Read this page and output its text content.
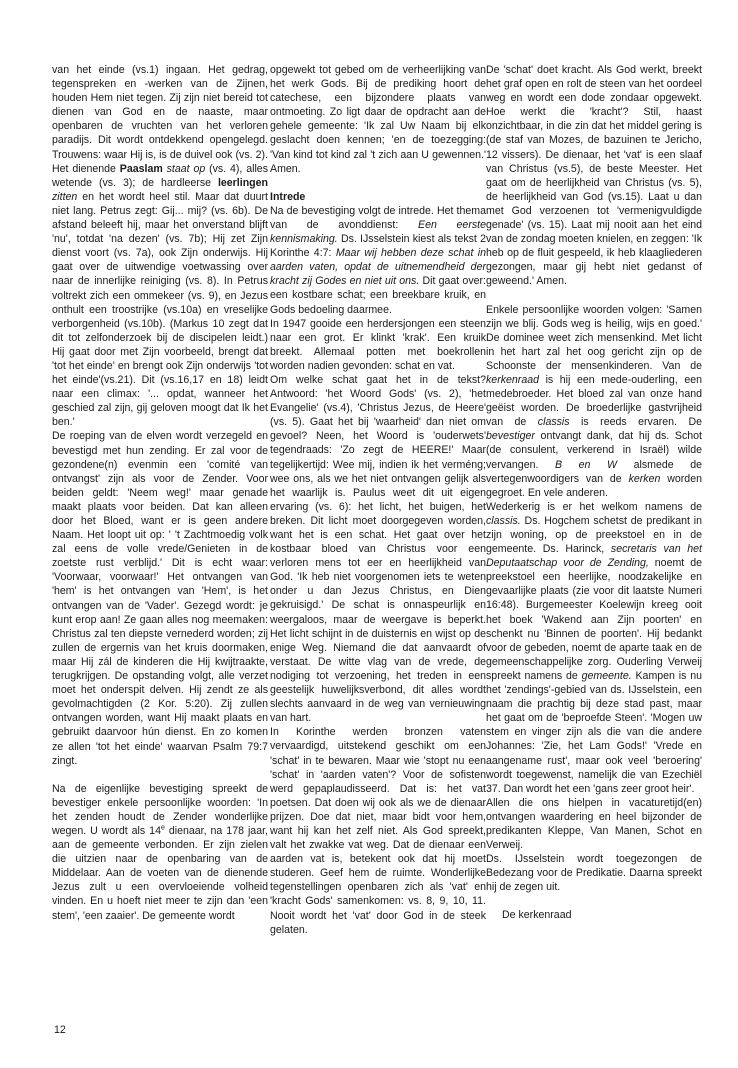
van het einde (vs.1) ingaan. Het gedrag, tegenspreken en -werken van de Zijnen, houden Hem niet tegen. Zij zijn niet bereid tot dienen van God en de naaste, maar openbaren de vruchten van het verloren paradijs. Dit wordt ontdekkend opengelegd. Trouwens: waar Hij is, is de duivel ook (vs. 2). Het dienende Paaslam staat op (vs. 4), alles wetende (vs. 3); de hardleerse leerlingen zitten en het wordt heel stil. Maar dat duurt niet lang. Petrus zegt: Gij... mij? (vs. 6b). De afstand beleeft hij, maar het onverstand blijft 'nu', totdat 'na dezen' (vs. 7b); Hij zet Zijn dienst voort (vs. 7a), ook Zijn onderwijs. Hij gaat over de uitwendige voetwassing over naar de innerlijke reiniging (vs. 8). In Petrus voltrekt zich een ommekeer (vs. 9), en Jezus onthult een troostrijke (vs.10a) en vreselijke verborgenheid (vs.10b). (Markus 10 zegt dat dit tot zelfonderzoek bij de discipelen leidt.) Hij gaat door met Zijn voorbeeld, brengt dat 'tot het einde' en brengt ook Zijn onderwijs 'tot het einde'(vs.21). Dit (vs.16,17 en 18) leidt naar een climax: '... opdat, wanneer het geschied zal zijn, gij geloven moogt dat Ik het ben.'

De roeping van de elven wordt verzegeld en bevestigd met hun zending. Er zal voor de gezondene(n) evenmin een 'comité van ontvangst' zijn als voor de Zender. Voor beiden geldt: 'Neem weg!' maar genade maakt plaats voor beiden. Dat kan alleen door het Bloed, want er is geen andere Naam. Het loopt uit op: ' 't Zachtmoedig volk zal eens de volle vrede/Genieten in de zoetste rust verblijd.' Dit is echt waar: 'Voorwaar, voorwaar!' Het ontvangen van 'hem' is het ontvangen van 'Hem', is het ontvangen van de 'Vader'. Gezegd wordt: je kunt erop aan! Ze gaan alles nog meemaken: Christus zal ten diepste vernederd worden; zij zullen de ergernis van het kruis doormaken, maar Hij zál de kinderen die Hij kwijtraakte, terugkrijgen. De opstanding volgt, alle verzet moet het onderspit delven. Hij zendt ze als gevolmachtigden (2 Kor. 5:20). Zij zullen ontvangen worden, want Hij maakt plaats en gebruikt daarvoor hún dienst. En zo komen ze allen 'tot het einde' waarvan Psalm 79:7 zingt.

Na de eigenlijke bevestiging spreekt de bevestiger enkele persoonlijke woorden: 'In het zenden houdt de Zender wonderlijke wegen. U wordt als 14e dienaar, na 178 jaar, aan de gemeente verbonden. Er zijn zielen die uitzien naar de openbaring van de Middelaar. Aan de voeten van de dienende Jezus zult u een overvloeiende volheid vinden. En u hoeft niet meer te zijn dan 'een stem', 'een zaaier'. De gemeente wordt

opgewekt tot gebed om de verheerlijking van het werk Gods. Bij de prediking hoort de catechese, een bijzondere plaats van ontmoeting. Zo ligt daar de opdracht aan de gehele gemeente: 'Ik zal Uw Naam bij elk geslacht doen kennen; 'en de toezegging: 'Van kind tot kind zal 't zich aan U gewennen.' Amen.

Intrede

Na de bevestiging volgt de intrede. Het thema van de avonddienst: Een eerste kennismaking. Ds. IJsselstein kiest als tekst 2 Korinthe 4:7: Maar wij hebben deze schat in aarden vaten, opdat de uitnemendheid der kracht zij Godes en niet uit ons. Dit gaat over: een kostbare schat; een breekbare kruik, en Gods bedoeling daarmee.

In 1947 gooide een herdersjongen een steen naar een grot. Er klinkt 'krak'. Een kruik breekt. Allemaal potten met boekrollen worden nadien gevonden: schat en vat.

Om welke schat gaat het in de tekst? Antwoord: 'het Woord Gods' (vs. 2), 'het Evangelie' (vs.4), 'Christus Jezus, de Heere' (vs. 5). Gaat het bij 'waarheid' dan niet om gevoel? Neen, het Woord is 'ouderwets' tegendraads: 'Zo zegt de HEERE!' Maar tegelijkertijd: Wee mij, indien ik het verméng; wee ons, als we het niet ontvangen gelijk als het waarlijk is. Paulus weet dit uit eigen ervaring (vs. 6): het licht, het buigen, het breken. Dit licht moet doorgegeven worden, want het is een schat. Het gaat over het kostbaar bloed van Christus voor een verloren mens tot eer en heerlijkheid van God. 'Ik heb niet voorgenomen iets te weten onder u dan Jezus Christus, en Dien gekruisigd.' De schat is onnaspeurlijk en weergaloos, maar de weergave is beperkt. Het licht schijnt in de duisternis en wijst op de enige Weg. Niemand die dat aanvaardt of verstaat. De witte vlag van de vrede, de nodiging tot verzoening, het treden in een geestelijk huwelijksverbond, dit alles wordt slechts aanvaard in de weg van vernieuwing van hart.

In Korinthe werden bronzen vaten vervaardigd, uitstekend geschikt om een 'schat' in te bewaren. Maar wie 'stopt nu een 'schat' in 'aarden vaten'? Voor de sofisten werd gepaplaudisseerd. Dat is: het vat poetsen. Dat doen wij ook als we de dienaar prijzen. Doe dat niet, maar bidt voor hem, want hij kan het zelf niet. Als God spreekt, valt het zwakke vat weg. Dat de dienaar een aarden vat is, betekent ook dat hij moet studeren. Geef hem de ruimte. Wonderlijke tegenstellingen openbaren zich als 'vat' en 'kracht Gods' samenkomen: vs. 8, 9, 10, 11. Nooit wordt het 'vat' door God in de steek gelaten.

De 'schat' doet kracht. Als God werkt, breekt het graf open en rolt de steen van het oordeel weg en wordt een dode zondaar opgewekt. Hoe werkt die 'kracht'? Stil, haast onzichtbaar, in die zin dat het middel gering is (de staf van Mozes, de bazuinen te Jericho, 12 vissers). De dienaar, het 'vat' is een slaaf van Christus (vs.5), de beste Meester. Het gaat om de heerlijkheid van Christus (vs. 5), de heerlijkheid van God (vs.15). Laat u dan met God verzoenen tot 'vermenigvuldigde genade' (vs. 15). Laat mij nooit aan het eind van de zondag moeten knielen, en zeggen: 'Ik heb op de fluit gespeeld, ik heb klaagliederen gezongen, maar gij hebt niet gedanst of geweend.' Amen.

Enkele persoonlijke woorden volgen: 'Samen zijn we blij. Gods weg is heilig, wijs en goed.' De dominee weet zich mensenkind. Met licht in het hart zal het oog gericht zijn op de Schoonste der mensenkinderen. Van de kerkenraad is hij een mede-ouderling, een medebroeder. Het bloed zal van onze hand geëist worden. De broederlijke gastvrijheid van de classis is reeds ervaren. De bevestiger ontvangt dank, dat hij ds. Schot (de consulent, verkerend in Israël) wilde vervangen. B en W alsmede de vertegenwoordigers van de kerken worden gegroet. En vele anderen.

Wederkerig is er het welkom namens de classis. Ds. Hogchem schetst de predikant in zijn woning, op de preekstoel en in de gemeente. Ds. Harinck, secretaris van het Deputaatschap voor de Zending, noemt de preekstoel een heerlijke, noodzakelijke en gevaarlijke plaats (zie voor dit laatste Numeri 16:48). Burgemeester Koelewijn kreeg ooit het boek 'Wakend aan Zijn poorten' en schenkt nu 'Binnen de poorten'. Hij bedankt voor de gebeden, noemt de aparte taak en de gemeenschappelijke zorg. Ouderling Verweij spreekt namens de gemeente. Kampen is nu het 'zendings'-gebied van ds. IJsselstein, een naam die prachtig bij deze stad past, maar het gaat om de 'beproefde Steen'. 'Mogen uw stem en vinger zijn als die van die andere Johannes: 'Zie, het Lam Gods!' 'Vrede en aangename rust', maar ook veel 'beroering' wordt toegewenst, namelijk die van Ezechiël 37. Dan wordt het een 'gans zeer groot heir'.

Allen die ons hielpen in vacaturetijd(en) ontvangen waardering en heel bijzonder de predikanten Kleppe, Van Manen, Schot en Verweij.

Ds. IJsselstein wordt toegezongen de Bedezang voor de Predikatie. Daarna spreekt hij de zegen uit.

De kerkenraad

12
